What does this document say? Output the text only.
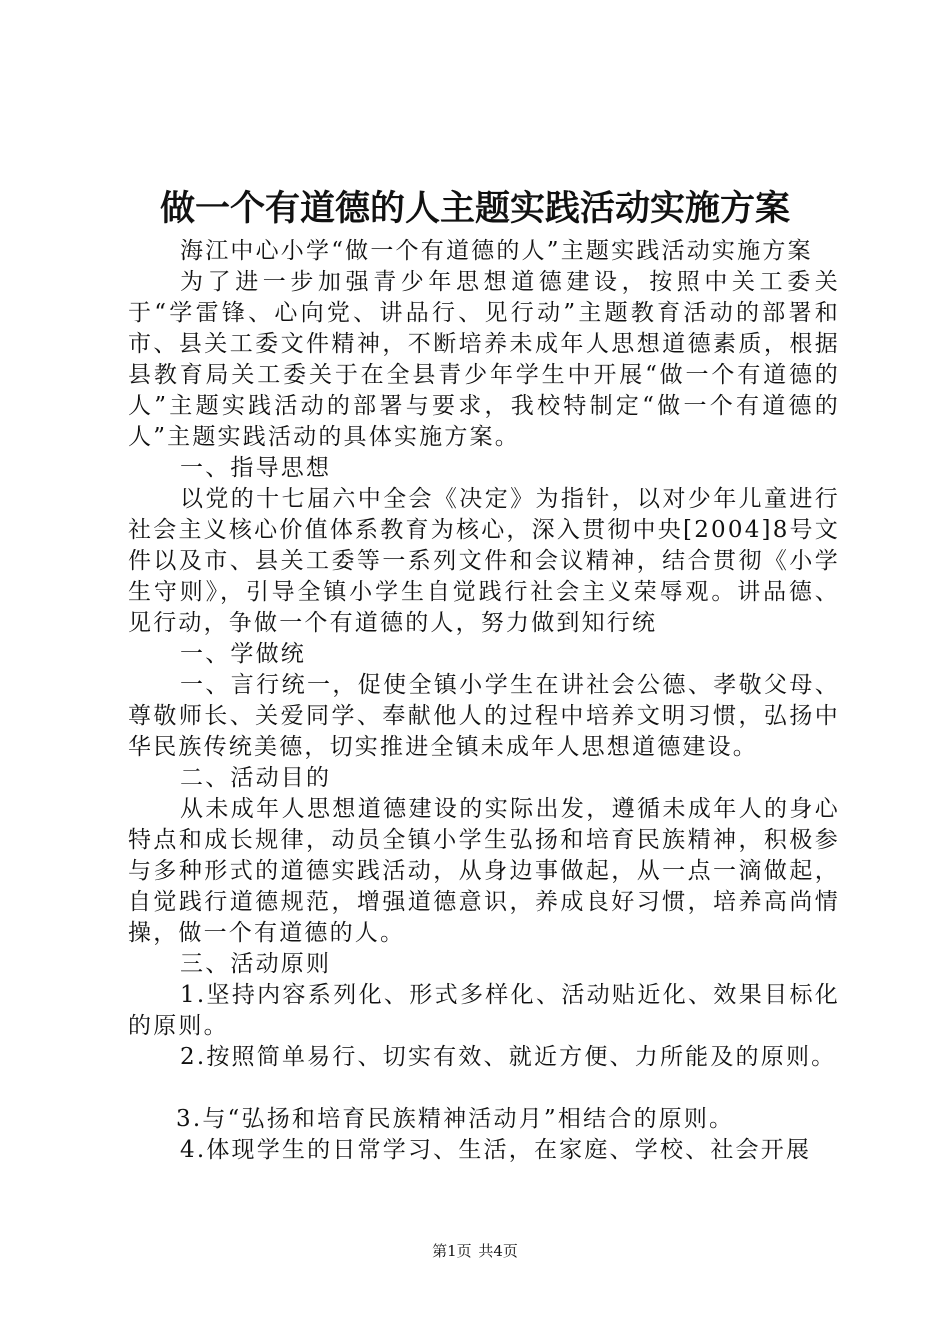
做一个有道德的人主题实践活动实施方案

海江中心小学“做一个有道德的人”主题实践活动实施方案

为了进一步加强青少年思想道德建设，按照中关工委关于“学雷锋、心向党、讲品行、见行动”主题教育活动的部署和市、县关工委文件精神，不断培养未成年人思想道德素质，根据县教育局关工委关于在全县青少年学生中开展“做一个有道德的人”主题实践活动的部署与要求，我校特制定“做一个有道德的人”主题实践活动的具体实施方案。

一、指导思想

以党的十七届六中全会《决定》为指针，以对少年儿童进行社会主义核心价值体系教育为核心，深入贯彻中央[2004]8号文件以及市、县关工委等一系列文件和会议精神，结合贯彻《小学生守则》，引导全镇小学生自觉践行社会主义荣辱观。讲品德、见行动，争做一个有道德的人，努力做到知行统

一、学做统

一、言行统一，促使全镇小学生在讲社会公德、孝敬父母、尊敬师长、关爱同学、奉献他人的过程中培养文明习惯，弘扬中华民族传统美德，切实推进全镇未成年人思想道德建设。

二、活动目的

从未成年人思想道德建设的实际出发，遵循未成年人的身心特点和成长规律，动员全镇小学生弘扬和培育民族精神，积极参与多种形式的道德实践活动，从身边事做起，从一点一滴做起，自觉践行道德规范，增强道德意识，养成良好习惯，培养高尚情操，做一个有道德的人。

三、活动原则

1.坚持内容系列化、形式多样化、活动贴近化、效果目标化的原则。

2.按照简单易行、切实有效、就近方便、力所能及的原则。

3.与“弘扬和培育民族精神活动月”相结合的原则。

4.体现学生的日常学习、生活，在家庭、学校、社会开展

第1页 共4页
